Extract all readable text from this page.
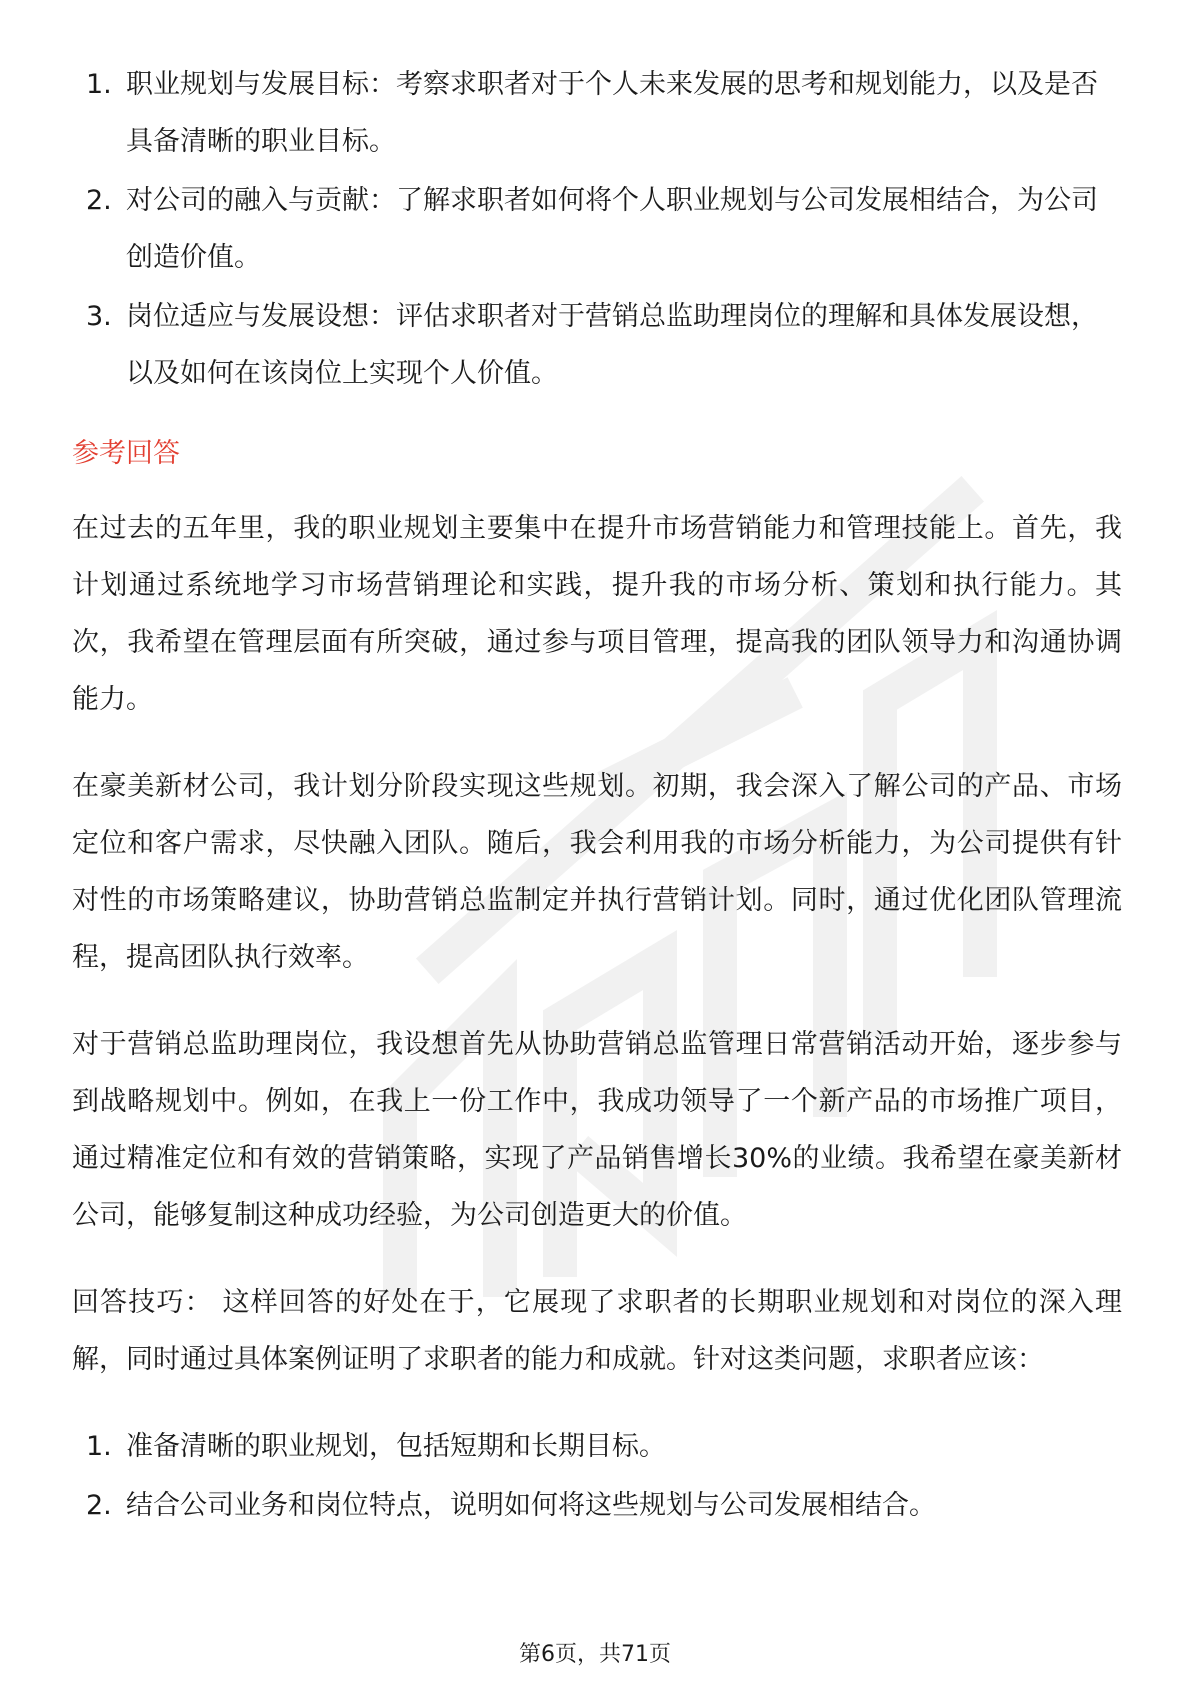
1. 职业规划与发展目标：考察求职者对于个人未来发展的思考和规划能力，以及是否具备清晰的职业目标。
2. 对公司的融入与贡献：了解求职者如何将个人职业规划与公司发展相结合，为公司创造价值。
3. 岗位适应与发展设想：评估求职者对于营销总监助理岗位的理解和具体发展设想，以及如何在该岗位上实现个人价值。
参考回答

在过去的五年里，我的职业规划主要集中在提升市场营销能力和管理技能上。首先，我计划通过系统地学习市场营销理论和实践，提升我的市场分析、策划和执行能力。其次，我希望在管理层面有所突破，通过参与项目管理，提高我的团队领导力和沟通协调能力。

在豪美新材公司，我计划分阶段实现这些规划。初期，我会深入了解公司的产品、市场定位和客户需求，尽快融入团队。随后，我会利用我的市场分析能力，为公司提供有针对性的市场策略建议，协助营销总监制定并执行营销计划。同时，通过优化团队管理流程，提高团队执行效率。

对于营销总监助理岗位，我设想首先从协助营销总监管理日常营销活动开始，逐步参与到战略规划中。例如，在我上一份工作中，我成功领导了一个新产品的市场推广项目，通过精准定位和有效的营销策略，实现了产品销售增长30%的业绩。我希望在豪美新材公司，能够复制这种成功经验，为公司创造更大的价值。

回答技巧： 这样回答的好处在于，它展现了求职者的长期职业规划和对岗位的深入理解，同时通过具体案例证明了求职者的能力和成就。针对这类问题，求职者应该：

1. 准备清晰的职业规划，包括短期和长期目标。
2. 结合公司业务和岗位特点，说明如何将这些规划与公司发展相结合。
第6页，共71页
